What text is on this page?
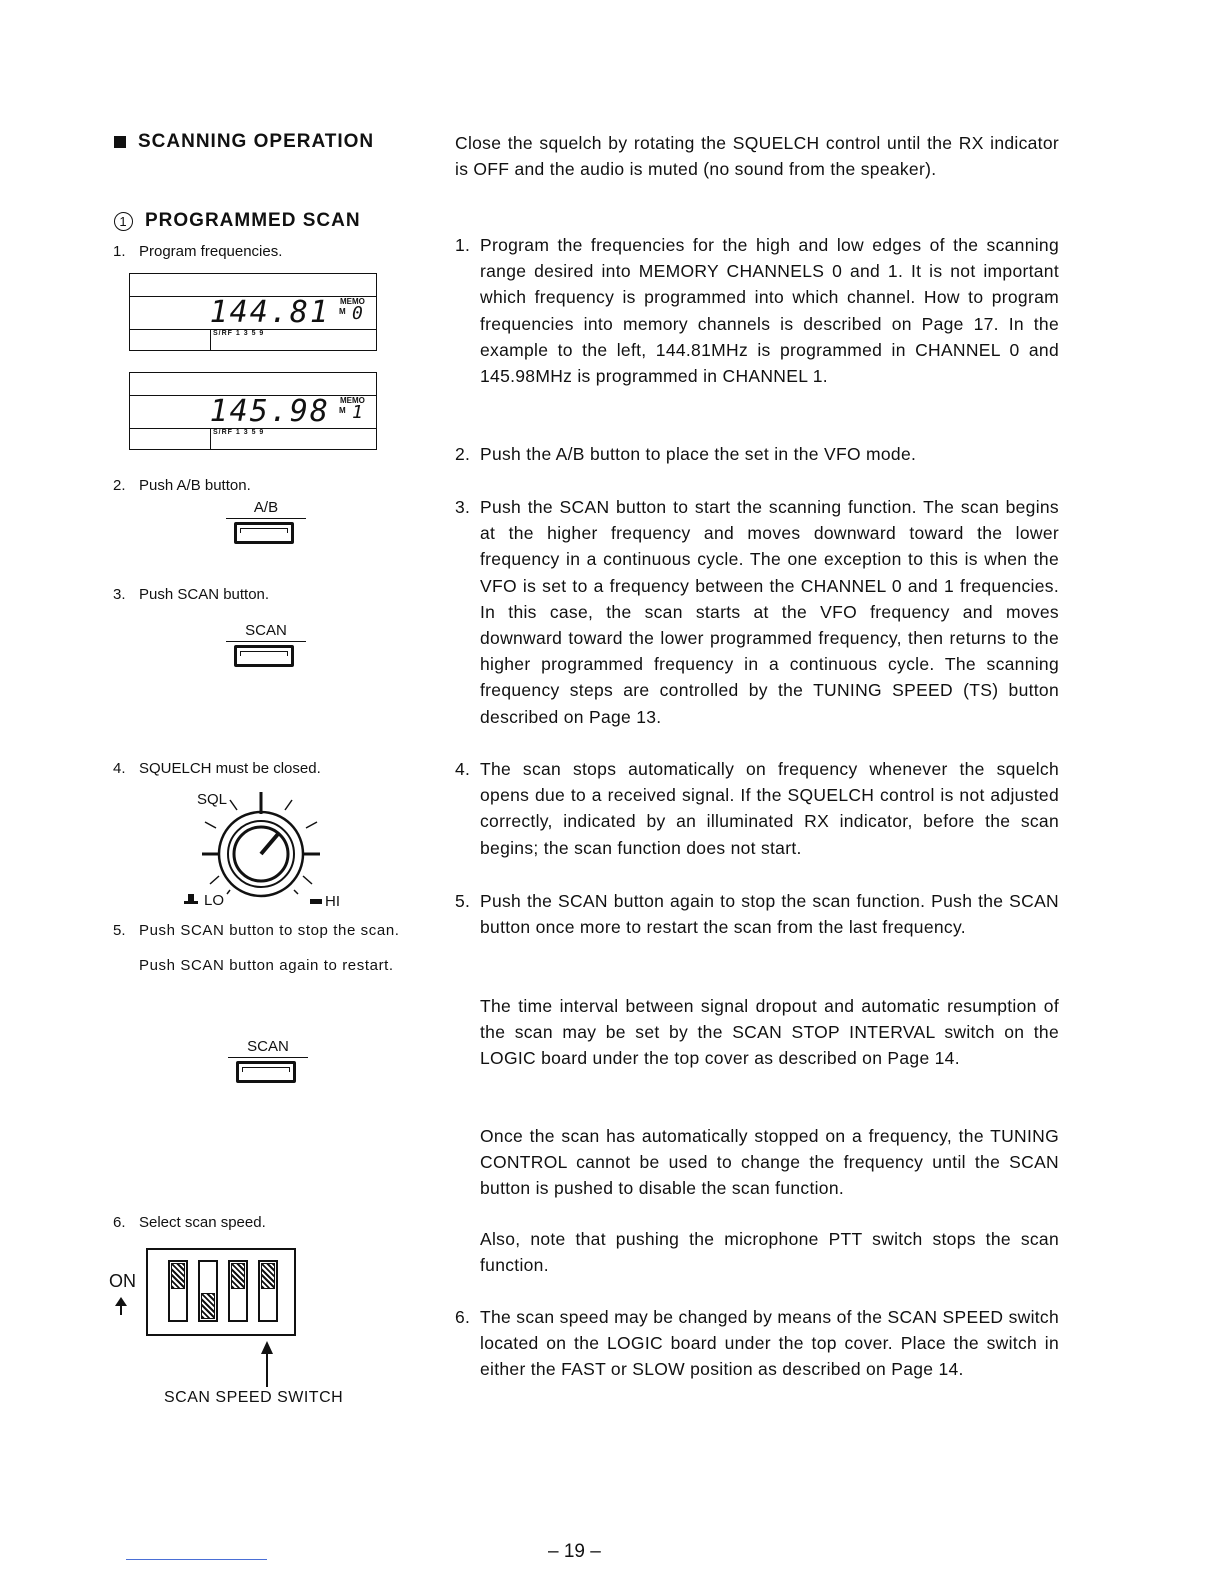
SCANNING OPERATION
1 PROGRAMMED SCAN
1. Program frequencies.
144.81 MEMO
M 0
S/RF 1 3 5 9
145.98 MEMO
M 1
S/RF 1 3 5 9
2. Push A/B button.
A/B
3. Push SCAN button.
SCAN
4. SQUELCH must be closed.
SQL
LO	HI
5. Push SCAN button to stop the scan.
Push SCAN button again to restart.
SCAN
6. Select scan speed.
ON
SCAN SPEED SWITCH
Close the squelch by rotating the SQUELCH control until the RX indicator is OFF and the audio is muted (no sound from the speaker).
1. Program the frequencies for the high and low edges of the scanning range desired into MEMORY CHANNELS 0 and 1. It is not important which frequency is programmed into which channel. How to program frequencies into memory channels is described on Page 17. In the example to the left, 144.81MHz is programmed in CHANNEL 0 and 145.98MHz is programmed in CHANNEL 1.
2. Push the A/B button to place the set in the VFO mode.
3. Push the SCAN button to start the scanning function. The scan begins at the higher frequency and moves downward toward the lower frequency in a continuous cycle. The one exception to this is when the VFO is set to a frequency between the CHANNEL 0 and 1 frequencies. In this case, the scan starts at the VFO frequency and moves downward toward the lower programmed frequency, then returns to the higher programmed frequency in a continuous cycle. The scanning frequency steps are controlled by the TUNING SPEED (TS) button described on Page 13.
4. The scan stops automatically on frequency whenever the squelch opens due to a received signal. If the SQUELCH control is not adjusted correctly, indicated by an illuminated RX indicator, before the scan begins; the scan function does not start.
5. Push the SCAN button again to stop the scan function. Push the SCAN button once more to restart the scan from the last frequency.
The time interval between signal dropout and automatic resumption of the scan may be set by the SCAN STOP INTERVAL switch on the LOGIC board under the top cover as described on Page 14.
Once the scan has automatically stopped on a frequency, the TUNING CONTROL cannot be used to change the frequency until the SCAN button is pushed to disable the scan function.
Also, note that pushing the microphone PTT switch stops the scan function.
6. The scan speed may be changed by means of the SCAN SPEED switch located on the LOGIC board under the top cover. Place the switch in either the FAST or SLOW position as described on Page 14.
– 19 –
